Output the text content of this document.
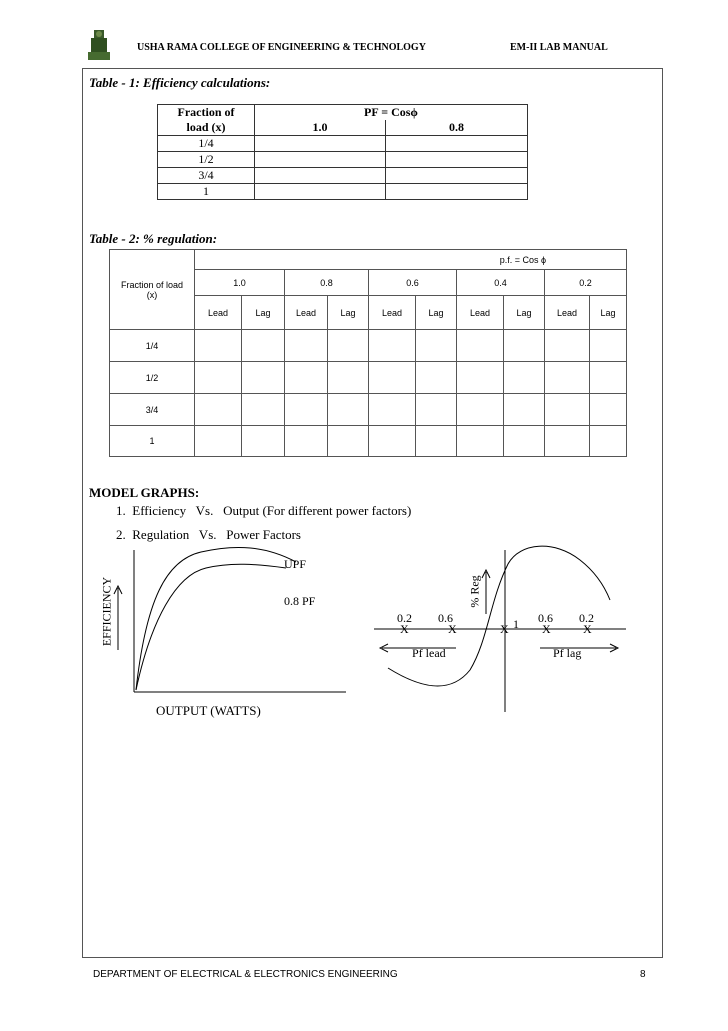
USHA RAMA COLLEGE OF ENGINEERING & TECHNOLOGY	EM-II LAB MANUAL
Table - 1: Efficiency calculations:
Fraction of	PF = Cosϕ	
load (x)	1.0	0.8
1/4		
1/2		
3/4		
1		
Table - 2: % regulation:
Fraction of load
(x)	p.f. = Cos ϕ									
	1.0		0.8		0.6		0.4		0.2	
	Lead	Lag	Lead	Lag	Lead	Lag	Lead	Lag	Lead	Lag
1/4										
1/2										
3/4										
1										
MODEL GRAPHS:
1.  Efficiency   Vs.   Output (For different power factors)
2.  Regulation   Vs.   Power Factors
EFFICIENCY
UPF
0.8 PF
OUTPUT (WATTS)
% Reg
0.2 0.6	1 0.6 0.2
X	X	X	X	X
Pf lead	Pf lag
DEPARTMENT OF ELECTRICAL & ELECTRONICS ENGINEERING	8
